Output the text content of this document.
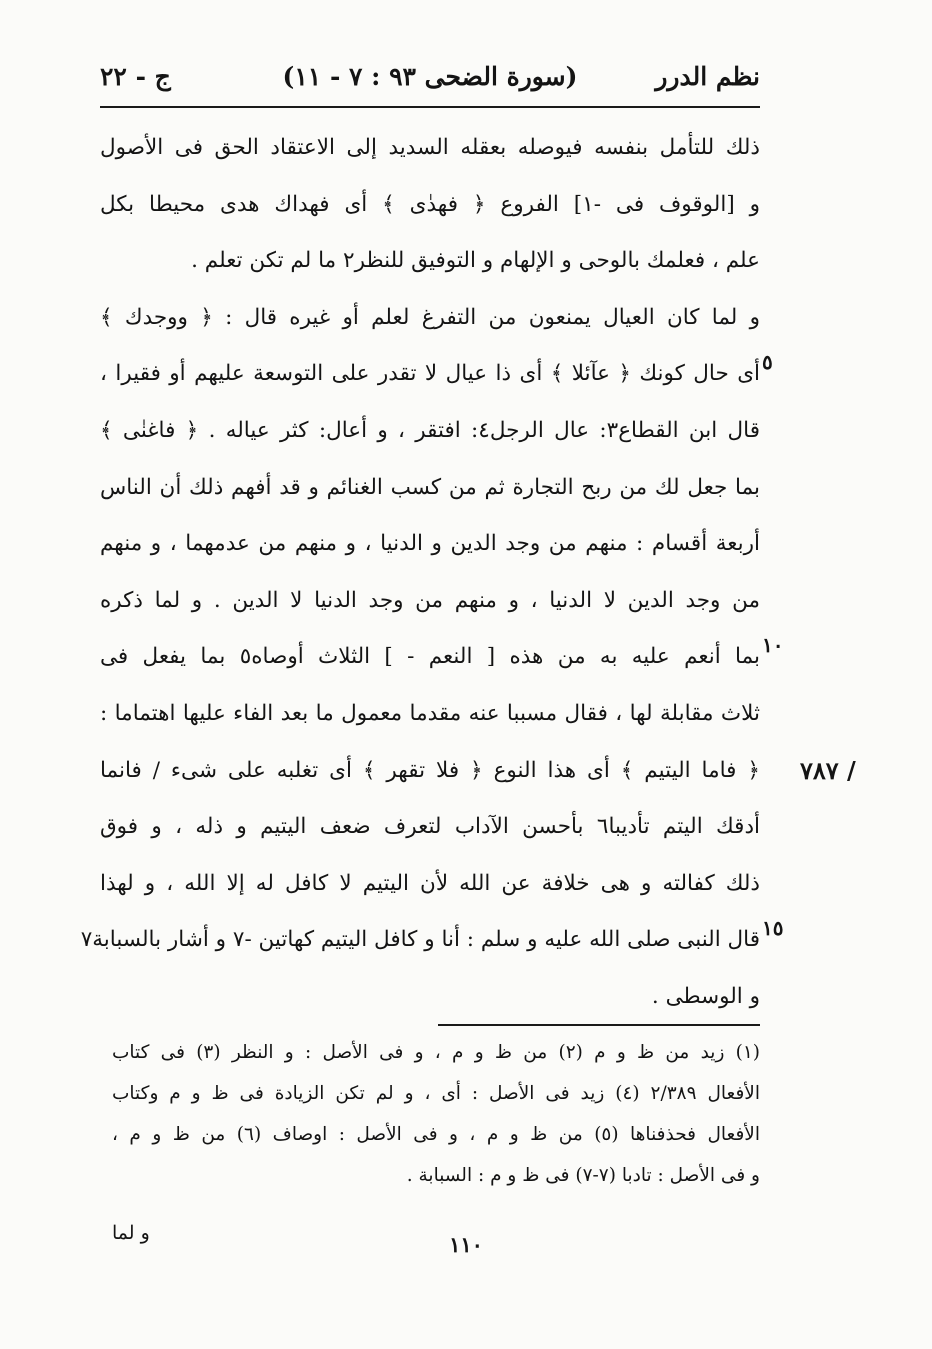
نظم الدرر
(سورة الضحى ٩٣ : ٧ - ١١)
ج - ٢٢
ذلك للتأمل بنفسه فيوصله بعقله السديد إلى الاعتقاد الحق فى الأصول
و [الوقوف فى -١] الفروع ﴿ فهدٰى ﴾ أى فهداك هدى محيطا بكل
علم ، فعلمك بالوحى و الإلهام و التوفيق للنظر٢ ما لم تكن تعلم .
و لما كان العيال يمنعون من التفرغ لعلم أو غيره قال : ﴿ ووجدك ﴾
أى حال كونك ﴿ عآئلا ﴾ أى ذا عيال لا تقدر على التوسعة عليهم أو فقيرا ،
قال ابن القطاع٣: عال الرجل٤: افتقر ، و أعال: كثر عياله . ﴿ فاغنٰى ﴾
بما جعل لك من ربح التجارة ثم من كسب الغنائم و قد أفهم ذلك أن الناس
أربعة أقسام : منهم من وجد الدين و الدنيا ، و منهم من عدمهما ، و منهم
من وجد الدين لا الدنيا ، و منهم من وجد الدنيا لا الدين . و لما ذكره
بما أنعم عليه به من هذه [ النعم - ] الثلاث أوصاه٥ بما يفعل فى
ثلاث مقابلة لها ، فقال مسببا عنه مقدما معمول ما بعد الفاء عليها اهتماما :
﴿ فاما اليتيم ﴾ أى هذا النوع ﴿ فلا تقهر ﴾ أى تغلبه على شىء / فانما
أدقك اليتم تأديبا٦ بأحسن الآداب لتعرف ضعف اليتيم و ذله ، و فوق
ذلك كفالته و هى خلافة عن الله لأن اليتيم لا كافل له إلا الله ، و لهذا
قال النبى صلى الله عليه و سلم : أنا و كافل اليتيم كهاتين -٧ و أشار بالسبابة٧
و الوسطى .
٥
١٠
١٥
٧٨٧ /
(١) زيد من ظ و م (٢) من ظ و م ، و فى الأصل : و النظر (٣) فى كتاب
الأفعال ٢/٣٨٩ (٤) زيد فى الأصل : أى ، و لم تكن الزيادة فى ظ و م وكتاب
الأفعال فحذفناها (٥) من ظ و م ، و فى الأصل : اوصاف (٦) من ظ و م ،
و فى الأصل : تادبا (٧-٧) فى ظ و م : السبابة .
و لما	١١٠
